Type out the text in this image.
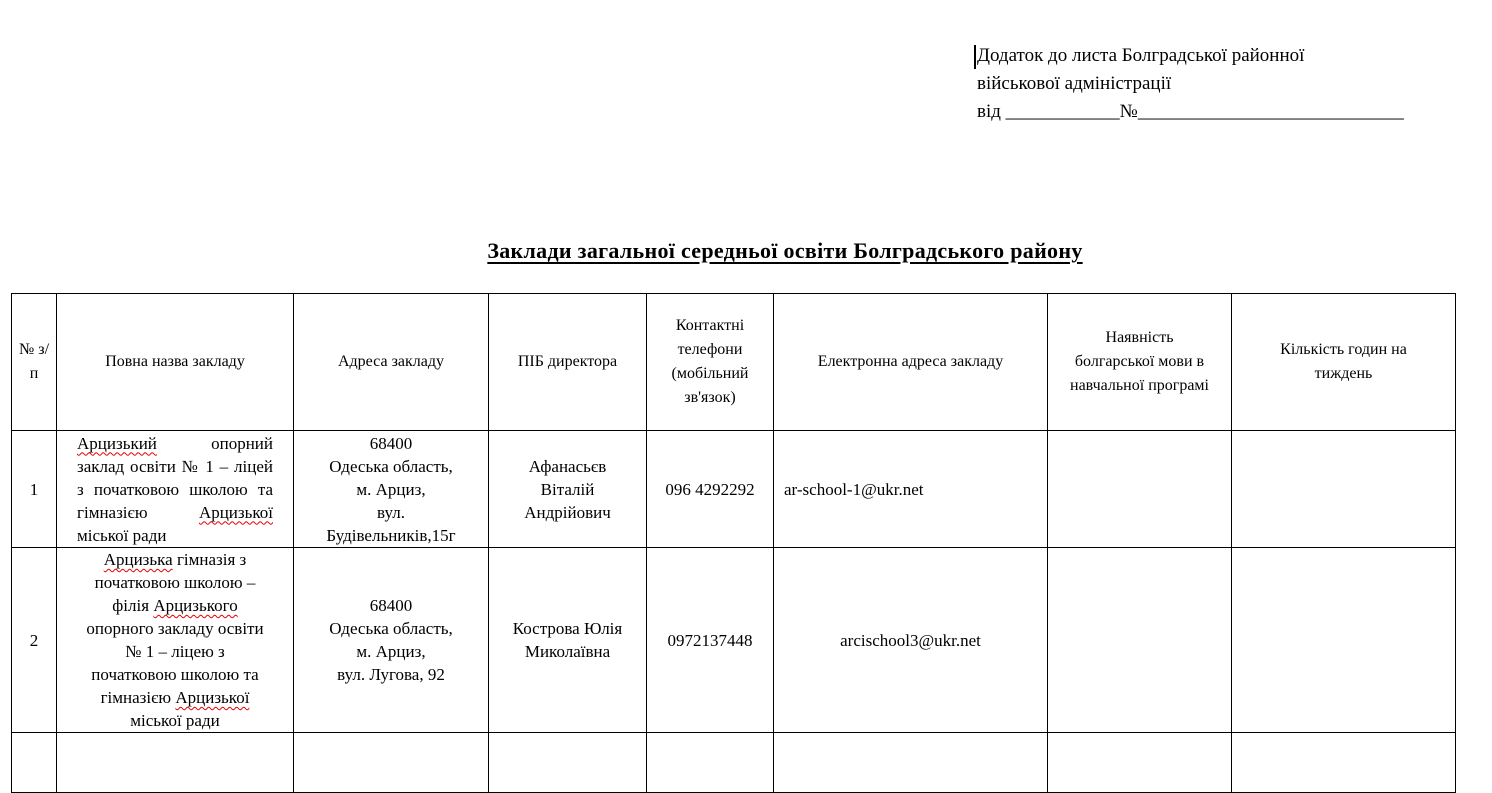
Додаток до листа Болградської районної
військової адміністрації
від ____________№____________________________
Заклади загальної середньої освіти Болградського району
№ з/п	Повна назва закладу	Адреса закладу	ПІБ директора	Контактні телефони (мобільний зв'язок)	Електронна адреса закладу	Наявність болгарської мови в навчальної програмі	Кількість годин на тиждень
1	Арцизький опорний заклад освіти № 1 – ліцей з початковою школою та гімназією Арцизької міської ради	68400
Одеська область,
м. Арциз,
вул.
Будівельників,15г	Афанасьєв
Віталій
Андрійович	096 4292292	ar-school-1@ukr.net		
2	Арцизька гімназія з
початковою школою –
філія Арцизького
опорного закладу освіти
№ 1 – ліцею з
початковою школою та
гімназією Арцизької
міської ради	68400
Одеська область,
м. Арциз,
вул. Лугова, 92	Кострова Юлія
Миколаївна	0972137448	arcischool3@ukr.net		
